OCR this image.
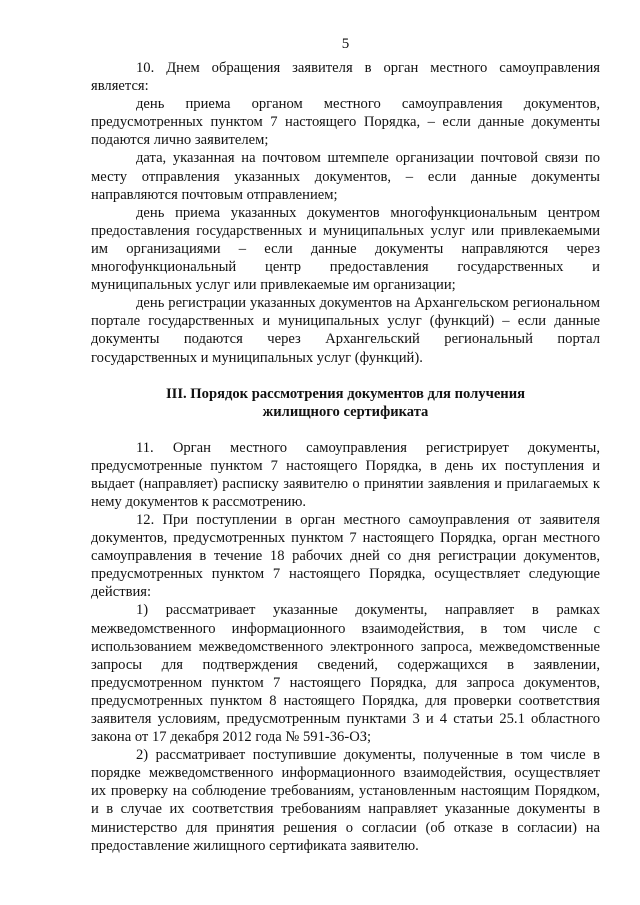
5

10. Днем обращения заявителя в орган местного самоуправления является:

день приема органом местного самоуправления документов, предусмотренных пунктом 7 настоящего Порядка, – если данные документы подаются лично заявителем;

дата, указанная на почтовом штемпеле организации почтовой связи по месту отправления указанных документов, – если данные документы направляются почтовым отправлением;

день приема указанных документов многофункциональным центром предоставления государственных и муниципальных услуг или привлекаемыми им организациями – если данные документы направляются через многофункциональный центр предоставления государственных и муниципальных услуг или привлекаемые им организации;

день регистрации указанных документов на Архангельском региональном портале государственных и муниципальных услуг (функций) – если данные документы подаются через Архангельский региональный портал государственных и муниципальных услуг (функций).

III. Порядок рассмотрения документов для получения
жилищного сертификата

11. Орган местного самоуправления регистрирует документы, предусмотренные пунктом 7 настоящего Порядка, в день их поступления и выдает (направляет) расписку заявителю о принятии заявления и прилагаемых к нему документов к рассмотрению.

12. При поступлении в орган местного самоуправления от заявителя документов, предусмотренных пунктом 7 настоящего Порядка, орган местного самоуправления в течение 18 рабочих дней со дня регистрации документов, предусмотренных пунктом 7 настоящего Порядка, осуществляет следующие действия:

1) рассматривает указанные документы, направляет в рамках межведомственного информационного взаимодействия, в том числе с использованием межведомственного электронного запроса, межведомственные запросы для подтверждения сведений, содержащихся в заявлении, предусмотренном пунктом 7 настоящего Порядка, для запроса документов, предусмотренных пунктом 8 настоящего Порядка, для проверки соответствия заявителя условиям, предусмотренным пунктами 3 и 4 статьи 25.1 областного закона от 17 декабря 2012 года № 591-36-ОЗ;

2) рассматривает поступившие документы, полученные в том числе в порядке межведомственного информационного взаимодействия, осуществляет их проверку на соблюдение требованиям, установленным настоящим Порядком, и в случае их соответствия требованиям направляет указанные документы в министерство для принятия решения о согласии (об отказе в согласии) на предоставление жилищного сертификата заявителю.
